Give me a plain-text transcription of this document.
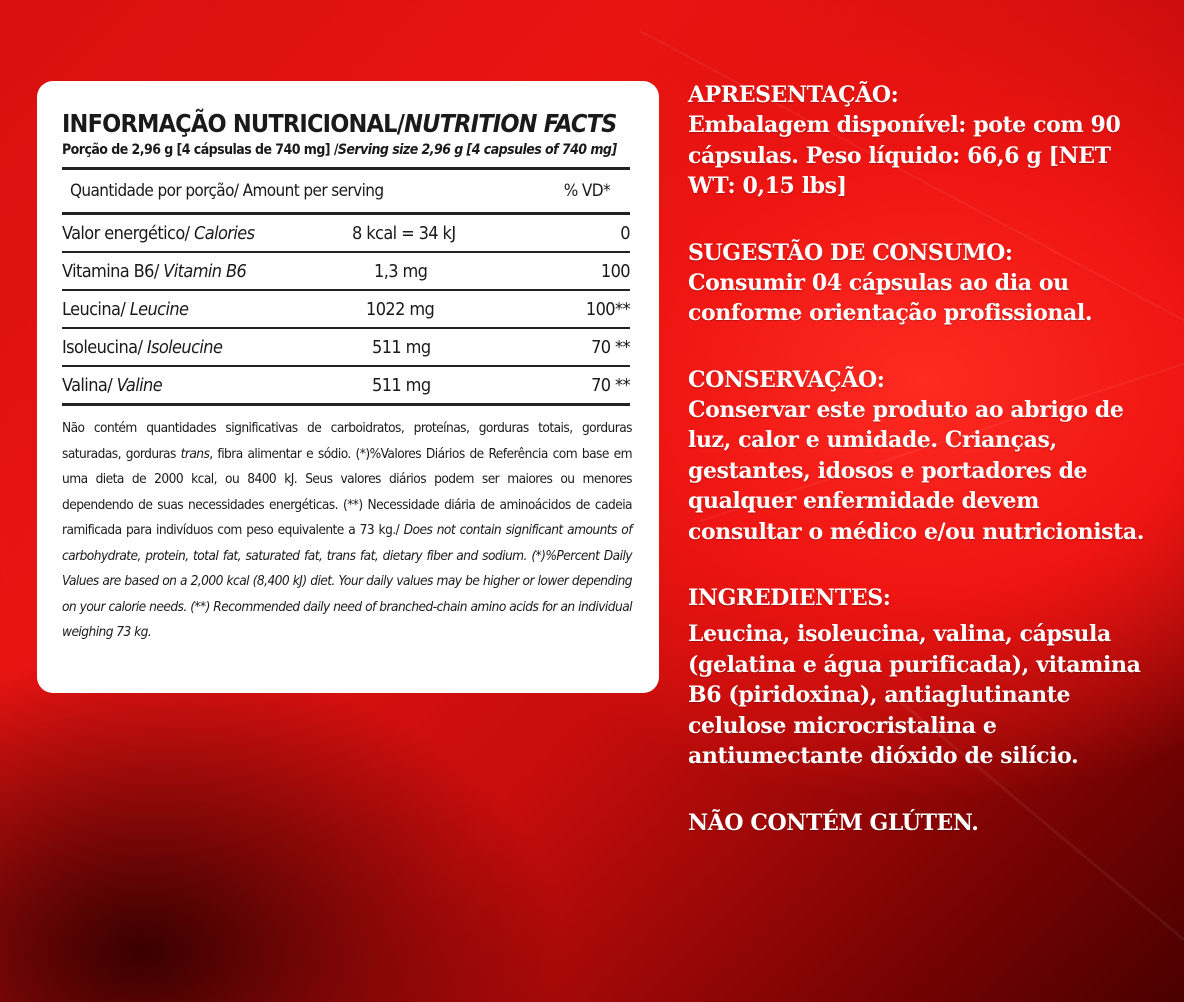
INFORMAÇÃO NUTRICIONAL/NUTRITION FACTS
Porção de 2,96 g [4 cápsulas de 740 mg] /Serving size 2,96 g [4 capsules of 740 mg]
Quantidade por porção/ Amount per serving		% VD*
Valor energético/ Calories	8 kcal = 34 kJ	0
Vitamina B6/ Vitamin B6	1,3 mg	100
Leucina/ Leucine	1022 mg	100**
Isoleucina/ Isoleucine	511 mg	70 **
Valina/ Valine	511 mg	70 **
Não contém quantidades significativas de carboidratos, proteínas, gorduras totais, gorduras saturadas, gorduras trans, fibra alimentar e sódio. (*)%Valores Diários de Referência com base em uma dieta de 2000 kcal, ou 8400 kJ. Seus valores diários podem ser maiores ou menores dependendo de suas necessidades energéticas. (**) Necessidade diária de aminoácidos de cadeia ramificada para indivíduos com peso equivalente a 73 kg./ Does not contain significant amounts of carbohydrate, protein, total fat, saturated fat, trans fat, dietary fiber and sodium. (*)%Percent Daily Values are based on a 2,000 kcal (8,400 kJ) diet. Your daily values may be higher or lower depending on your calorie needs. (**) Recommended daily need of branched-chain amino acids for an individual weighing 73 kg.
APRESENTAÇÃO:

Embalagem disponível: pote com 90 cápsulas. Peso líquido: 66,6 g [NET WT: 0,15 lbs]

SUGESTÃO DE CONSUMO:

Consumir 04 cápsulas ao dia ou conforme orientação profissional.

CONSERVAÇÃO:

Conservar este produto ao abrigo de luz, calor e umidade. Crianças, gestantes, idosos e portadores de qualquer enfermidade devem consultar o médico e/ou nutricionista.

INGREDIENTES:

Leucina, isoleucina, valina, cápsula (gelatina e água purificada), vitamina B6 (piridoxina), antiaglutinante celulose microcristalina e antiumectante dióxido de silício.

NÃO CONTÉM GLÚTEN.
